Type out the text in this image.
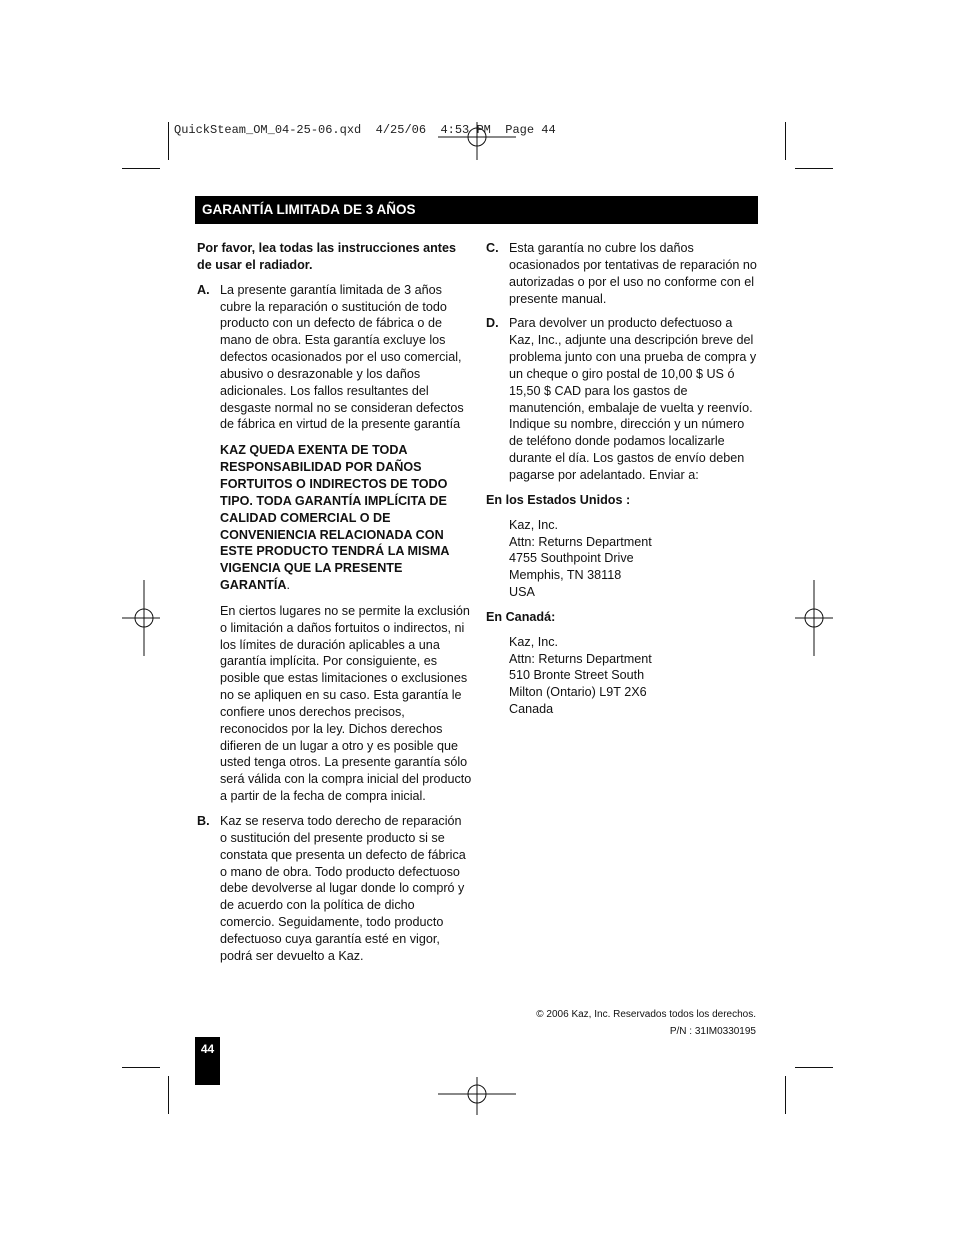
QuickSteam_OM_04-25-06.qxd  4/25/06  4:53 PM  Page 44
GARANTÍA LIMITADA DE 3 AÑOS

Por favor, lea todas las instrucciones antes de usar el radiador.

A. La presente garantía limitada de 3 años cubre la reparación o sustitución de todo producto con un defecto de fábrica o de mano de obra. Esta garantía excluye los defectos ocasionados por el uso comercial, abusivo o desrazonable y los daños adicionales. Los fallos resultantes del desgaste normal no se consideran defectos de fábrica en virtud de la presente garantía

KAZ QUEDA EXENTA DE TODA RESPONSABILIDAD POR DAÑOS FORTUITOS O INDIRECTOS DE TODO TIPO. TODA GARANTÍA IMPLÍCITA DE CALIDAD COMERCIAL O DE CONVENIENCIA RELACIONADA CON ESTE PRODUCTO TENDRÁ LA MISMA VIGENCIA QUE LA PRESENTE GARANTÍA.

En ciertos lugares no se permite la exclusión o limitación a daños fortuitos o indirectos, ni los límites de duración aplicables a una garantía implícita. Por consiguiente, es posible que estas limitaciones o exclusiones no se apliquen en su caso. Esta garantía le confiere unos derechos precisos, reconocidos por la ley. Dichos derechos difieren de un lugar a otro y es posible que usted tenga otros. La presente garantía sólo será válida con la compra inicial del producto a partir de la fecha de compra inicial.

B. Kaz se reserva todo derecho de reparación o sustitución del presente producto si se constata que presenta un defecto de fábrica o mano de obra. Todo producto defectuoso debe devolverse al lugar donde lo compró y de acuerdo con la política de dicho comercio. Seguidamente, todo producto defectuoso cuya garantía esté en vigor, podrá ser devuelto a Kaz.

C. Esta garantía no cubre los daños ocasionados por tentativas de reparación no autorizadas o por el uso no conforme con el presente manual.

D. Para devolver un producto defectuoso a Kaz, Inc., adjunte una descripción breve del problema junto con una prueba de compra y un cheque o giro postal de 10,00 $ US ó 15,50 $ CAD para los gastos de manutención, embalaje de vuelta y reenvío. Indique su nombre, dirección y un número de teléfono donde podamos localizarle durante el día. Los gastos de envío deben pagarse por adelantado. Enviar a:

En los Estados Unidos :

Kaz, Inc.

Attn: Returns Department

4755 Southpoint Drive

Memphis, TN 38118

USA

En Canadá:

Kaz, Inc.

Attn: Returns Department

510 Bronte Street South

Milton (Ontario) L9T 2X6

Canada

© 2006 Kaz, Inc. Reservados todos los derechos.
P/N : 31IM0330195
44
